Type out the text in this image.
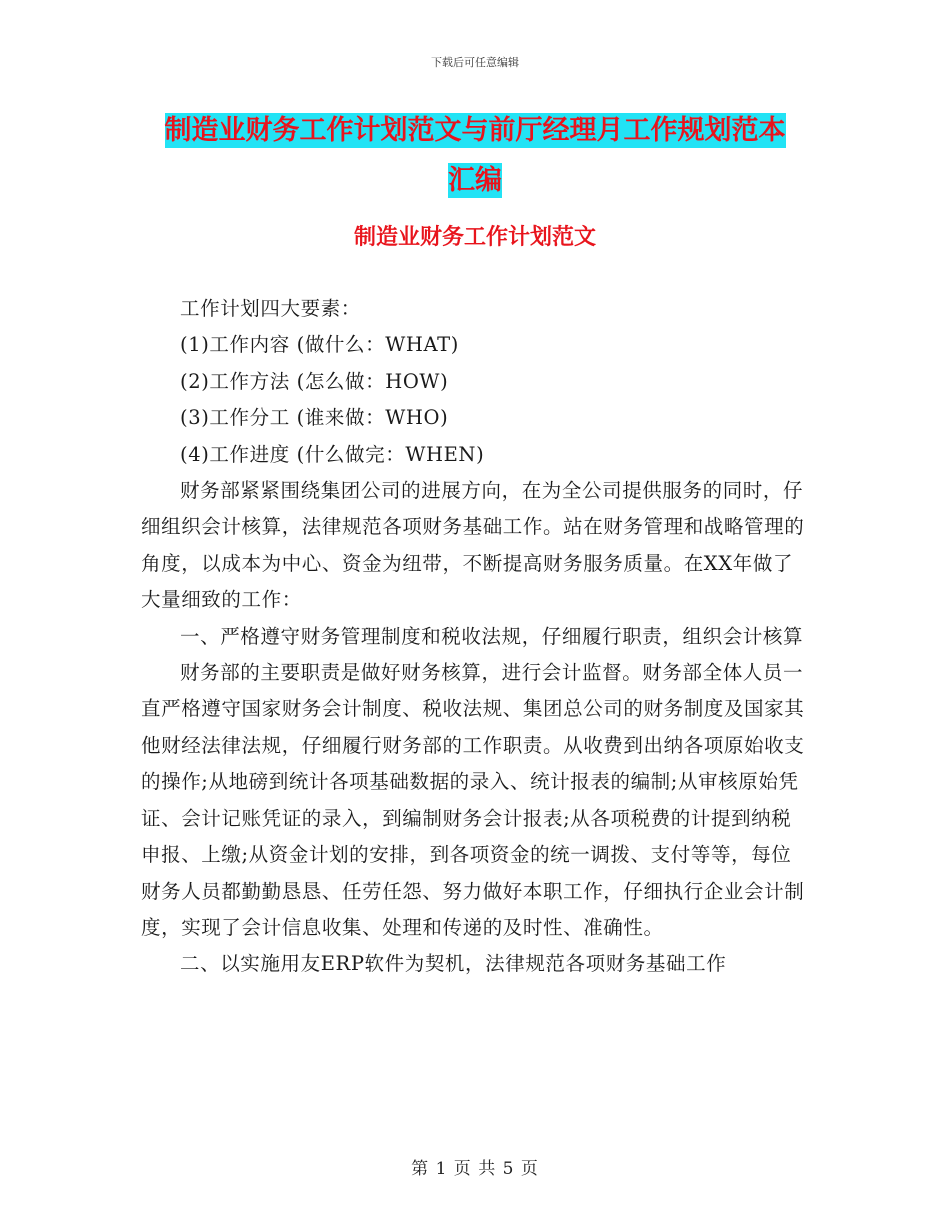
下载后可任意编辑
制造业财务工作计划范文与前厅经理月工作规划范本
汇编
制造业财务工作计划范文

工作计划四大要素：

(1)工作内容 (做什么：WHAT)

(2)工作方法 (怎么做：HOW)

(3)工作分工 (谁来做：WHO)

(4)工作进度 (什么做完：WHEN)

财务部紧紧围绕集团公司的进展方向，在为全公司提供服务的同时，仔细组织会计核算，法律规范各项财务基础工作。站在财务管理和战略管理的角度，以成本为中心、资金为纽带，不断提高财务服务质量。在XX年做了大量细致的工作：

一、严格遵守财务管理制度和税收法规，仔细履行职责，组织会计核算

财务部的主要职责是做好财务核算，进行会计监督。财务部全体人员一直严格遵守国家财务会计制度、税收法规、集团总公司的财务制度及国家其他财经法律法规，仔细履行财务部的工作职责。从收费到出纳各项原始收支的操作;从地磅到统计各项基础数据的录入、统计报表的编制;从审核原始凭证、会计记账凭证的录入，到编制财务会计报表;从各项税费的计提到纳税申报、上缴;从资金计划的安排，到各项资金的统一调拨、支付等等，每位财务人员都勤勤恳恳、任劳任怨、努力做好本职工作，仔细执行企业会计制度，实现了会计信息收集、处理和传递的及时性、准确性。

二、以实施用友ERP软件为契机，法律规范各项财务基础工作

第 1 页 共 5 页
